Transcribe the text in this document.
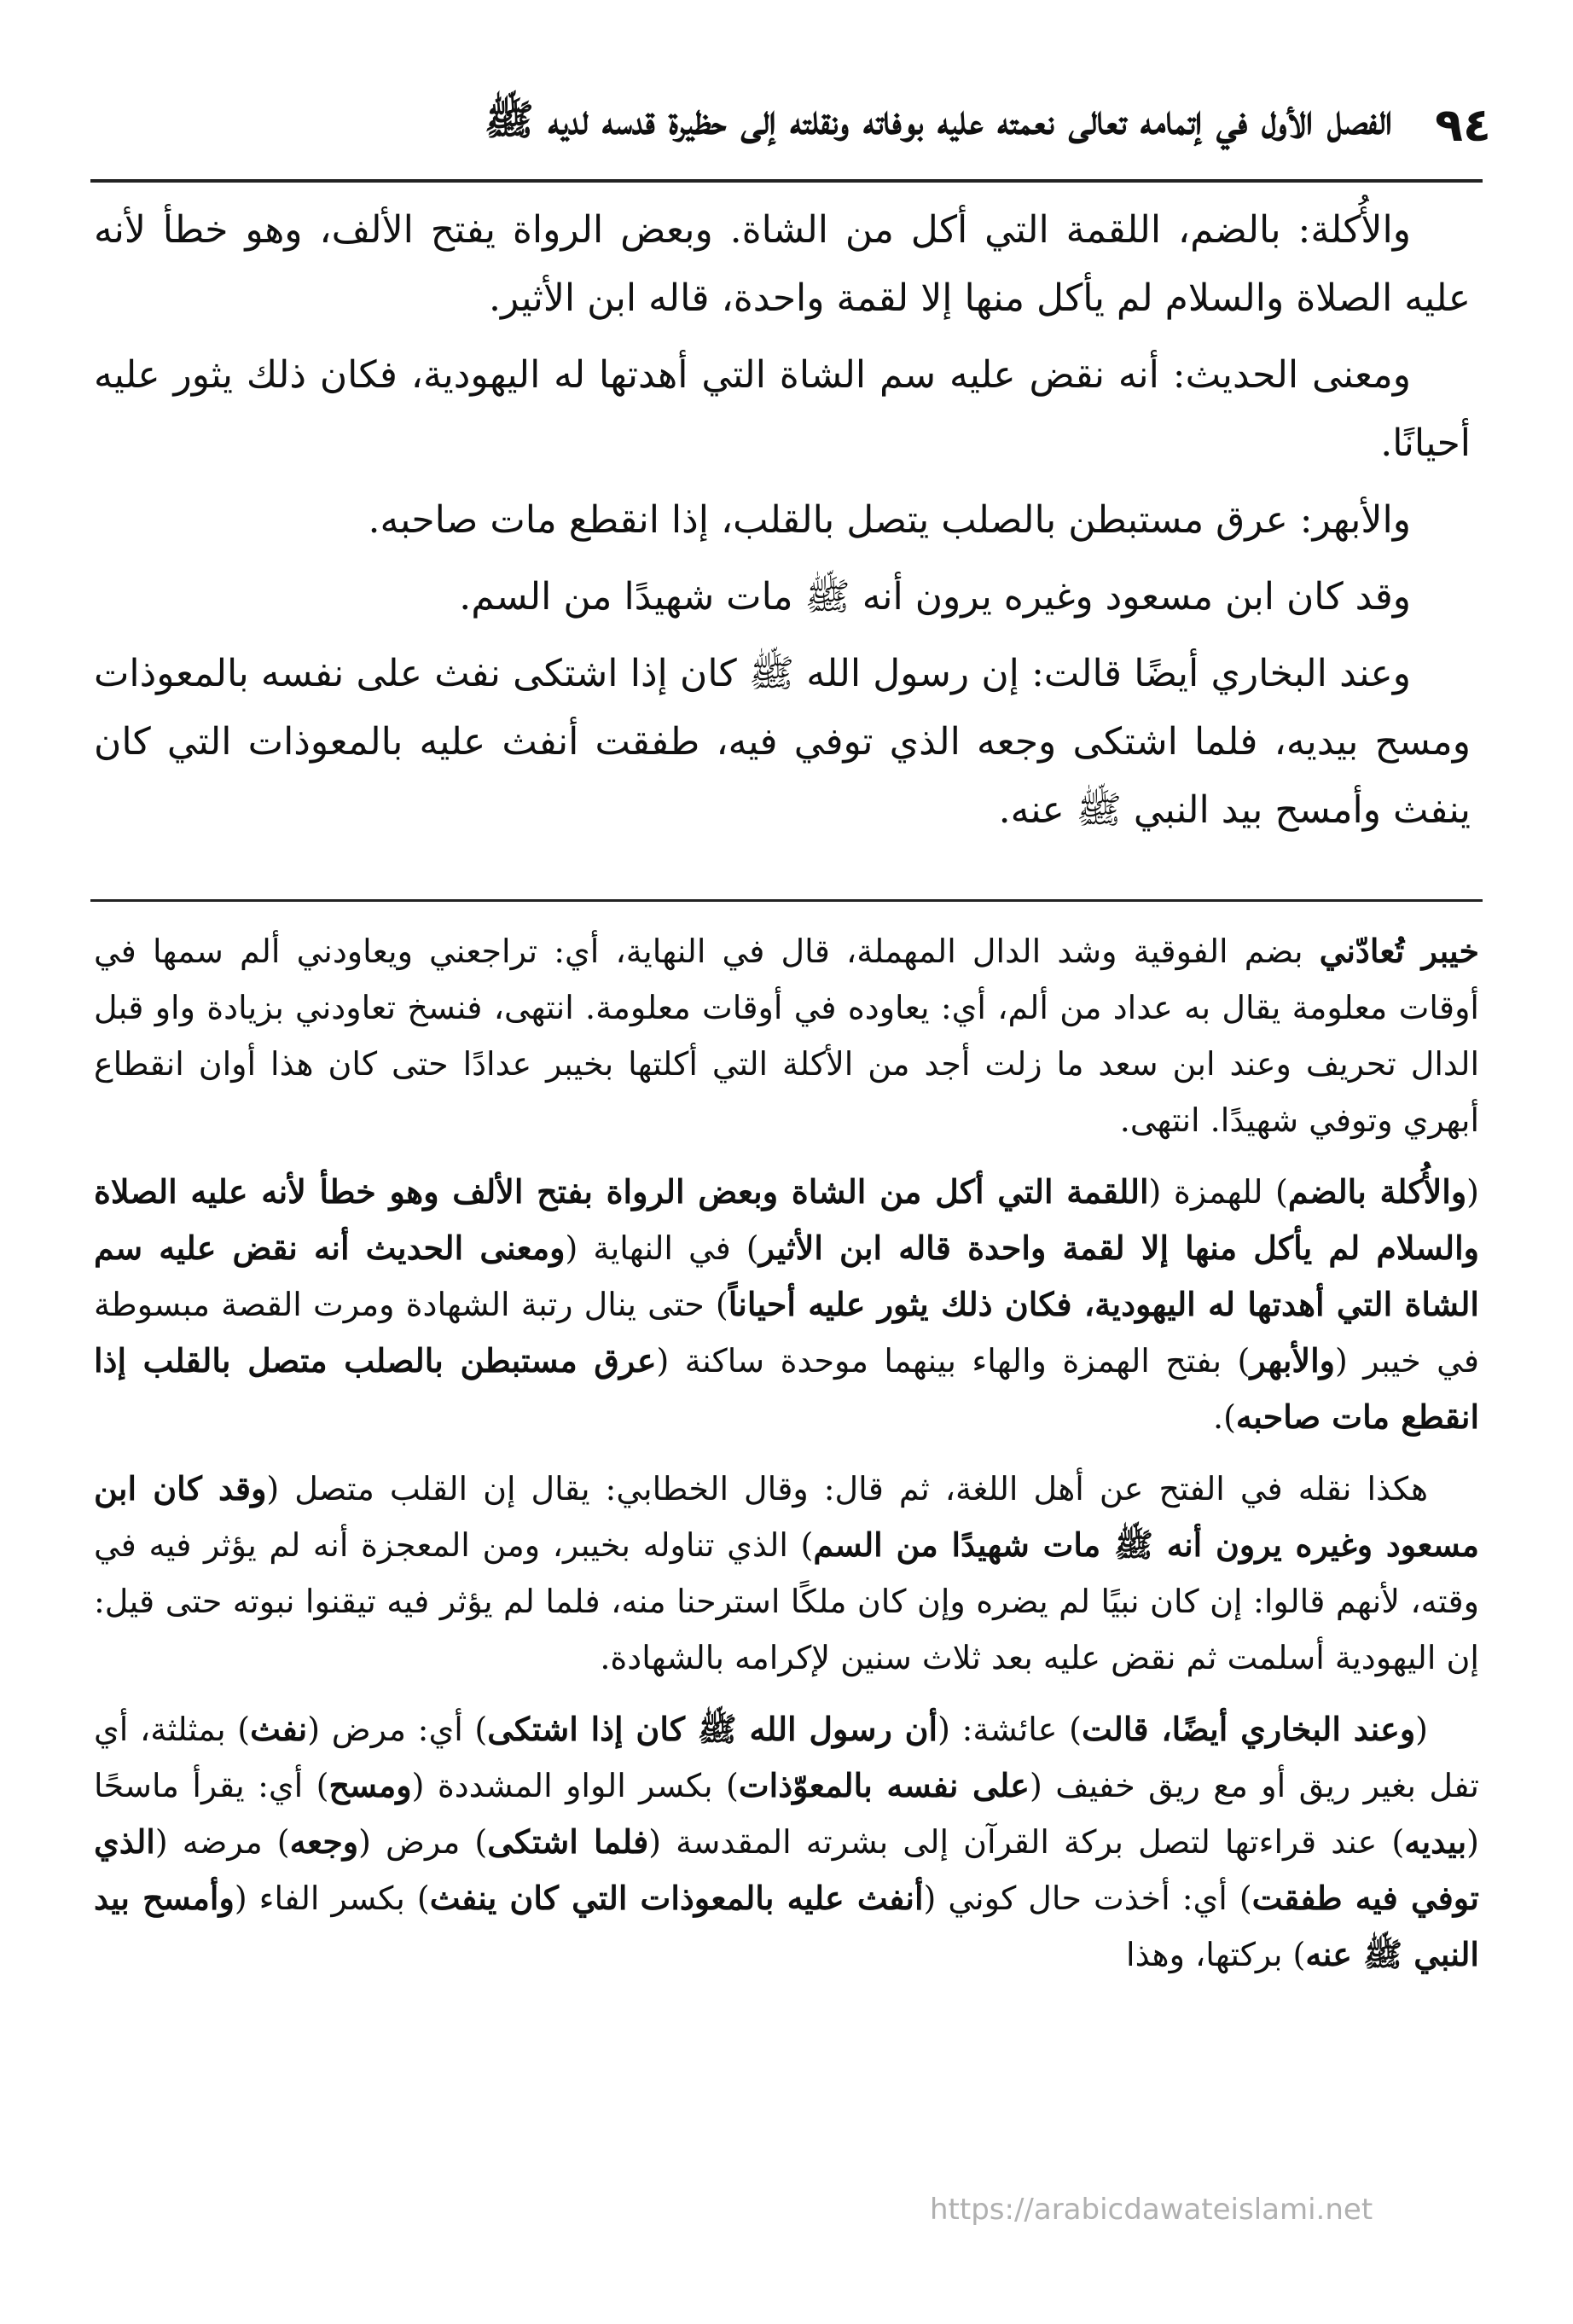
٩٤
الفصل الأول في إتمامه تعالى نعمته عليه بوفاته ونقلته إلى حظيرة قدسه لديه ﷺ

والأُكلة: بالضم، اللقمة التي أكل من الشاة. وبعض الرواة يفتح الألف، وهو خطأ لأنه عليه الصلاة والسلام لم يأكل منها إلا لقمة واحدة، قاله ابن الأثير.

ومعنى الحديث: أنه نقض عليه سم الشاة التي أهدتها له اليهودية، فكان ذلك يثور عليه أحيانًا.

والأبهر: عرق مستبطن بالصلب يتصل بالقلب، إذا انقطع مات صاحبه.

وقد كان ابن مسعود وغيره يرون أنه ﷺ مات شهيدًا من السم.

وعند البخاري أيضًا قالت: إن رسول الله ﷺ كان إذا اشتكى نفث على نفسه بالمعوذات ومسح بيديه، فلما اشتكى وجعه الذي توفي فيه، طفقت أنفث عليه بالمعوذات التي كان ينفث وأمسح بيد النبي ﷺ عنه.

خيبر تُعادّني بضم الفوقية وشد الدال المهملة، قال في النهاية، أي: تراجعني ويعاودني ألم سمها في أوقات معلومة يقال به عداد من ألم، أي: يعاوده في أوقات معلومة. انتهى، فنسخ تعاودني بزيادة واو قبل الدال تحريف وعند ابن سعد ما زلت أجد من الأكلة التي أكلتها بخيبر عدادًا حتى كان هذا أوان انقطاع أبهري وتوفي شهيدًا. انتهى.

(والأُكلة بالضم) للهمزة (اللقمة التي أكل من الشاة وبعض الرواة بفتح الألف وهو خطأ لأنه عليه الصلاة والسلام لم يأكل منها إلا لقمة واحدة قاله ابن الأثير) في النهاية (ومعنى الحديث أنه نقض عليه سم الشاة التي أهدتها له اليهودية، فكان ذلك يثور عليه أحياناً) حتى ينال رتبة الشهادة ومرت القصة مبسوطة في خيبر (والأبهر) بفتح الهمزة والهاء بينهما موحدة ساكنة (عرق مستبطن بالصلب متصل بالقلب إذا انقطع مات صاحبه).

هكذا نقله في الفتح عن أهل اللغة، ثم قال: وقال الخطابي: يقال إن القلب متصل (وقد كان ابن مسعود وغيره يرون أنه ﷺ مات شهيدًا من السم) الذي تناوله بخيبر، ومن المعجزة أنه لم يؤثر فيه في وقته، لأنهم قالوا: إن كان نبيًا لم يضره وإن كان ملكًا استرحنا منه، فلما لم يؤثر فيه تيقنوا نبوته حتى قيل: إن اليهودية أسلمت ثم نقض عليه بعد ثلاث سنين لإكرامه بالشهادة.

(وعند البخاري أيضًا، قالت) عائشة: (أن رسول الله ﷺ كان إذا اشتكى) أي: مرض (نفث) بمثلثة، أي تفل بغير ريق أو مع ريق خفيف (على نفسه بالمعوّذات) بكسر الواو المشددة (ومسح) أي: يقرأ ماسحًا (بيديه) عند قراءتها لتصل بركة القرآن إلى بشرته المقدسة (فلما اشتكى) مرض (وجعه) مرضه (الذي توفي فيه طفقت) أي: أخذت حال كوني (أنفث عليه بالمعوذات التي كان ينفث) بكسر الفاء (وأمسح بيد النبي ﷺ عنه) بركتها، وهذا

https://arabicdawateislami.net
